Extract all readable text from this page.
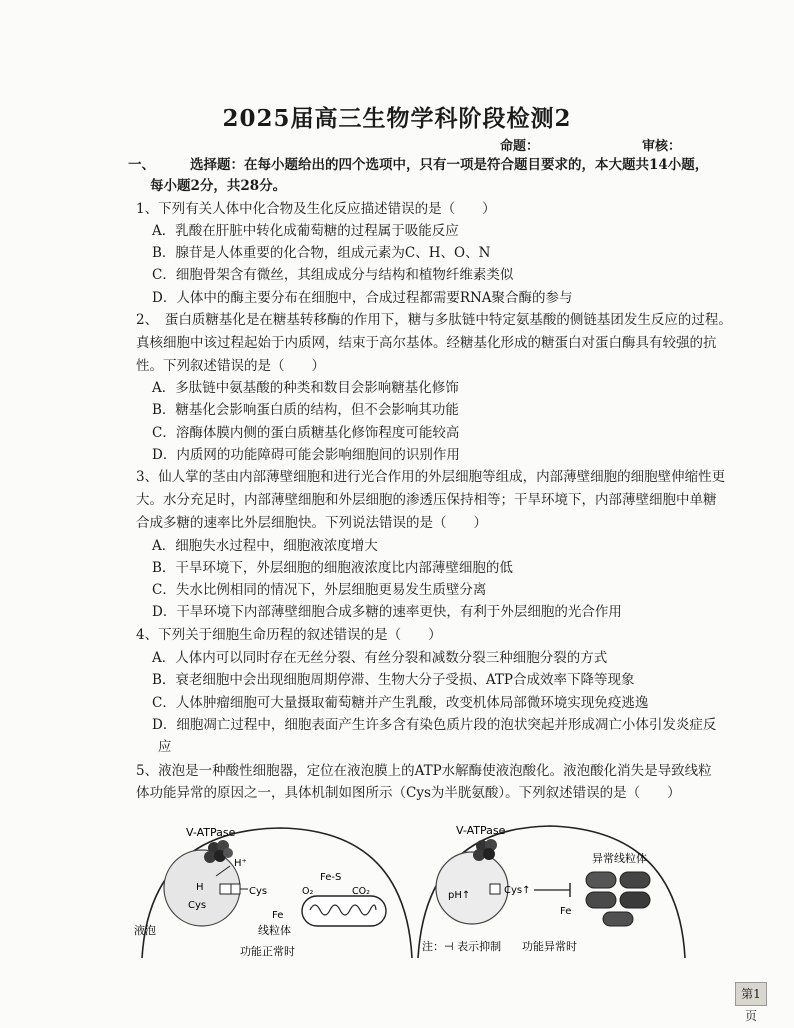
2025届高三生物学科阶段检测2
命题：	审核：
一、	选择题：在每小题给出的四个选项中，只有一项是符合题目要求的，本大题共14小题，
每小题2分，共28分。
1、下列有关人体中化合物及生化反应描述错误的是（　　）
A．乳酸在肝脏中转化成葡萄糖的过程属于吸能反应
B．腺苷是人体重要的化合物，组成元素为C、H、O、N
C．细胞骨架含有微丝，其组成成分与结构和植物纤维素类似
D．人体中的酶主要分布在细胞中，合成过程都需要RNA聚合酶的参与
2、　蛋白质糖基化是在糖基转移酶的作用下，糖与多肽链中特定氨基酸的侧链基团发生反应的过程。
真核细胞中该过程起始于内质网，结束于高尔基体。经糖基化形成的糖蛋白对蛋白酶具有较强的抗
性。下列叙述错误的是（　　）
A．多肽链中氨基酸的种类和数目会影响糖基化修饰
B．糖基化会影响蛋白质的结构，但不会影响其功能
C．溶酶体膜内侧的蛋白质糖基化修饰程度可能较高
D．内质网的功能障碍可能会影响细胞间的识别作用
3、仙人掌的茎由内部薄壁细胞和进行光合作用的外层细胞等组成，内部薄壁细胞的细胞壁伸缩性更
大。水分充足时，内部薄壁细胞和外层细胞的渗透压保持相等；干旱环境下，内部薄壁细胞中单糖
合成多糖的速率比外层细胞快。下列说法错误的是（　　）
A．细胞失水过程中，细胞液浓度增大
B．干旱环境下，外层细胞的细胞液浓度比内部薄壁细胞的低
C．失水比例相同的情况下，外层细胞更易发生质壁分离
D．干旱环境下内部薄壁细胞合成多糖的速率更快，有利于外层细胞的光合作用
4、下列关于细胞生命历程的叙述错误的是（　　）
A．人体内可以同时存在无丝分裂、有丝分裂和减数分裂三种细胞分裂的方式
B．衰老细胞中会出现细胞周期停滞、生物大分子受损、ATP合成效率下降等现象
C．人体肿瘤细胞可大量摄取葡萄糖并产生乳酸，改变机体局部微环境实现免疫逃逸
D．细胞凋亡过程中，细胞表面产生许多含有染色质片段的泡状突起并形成凋亡小体引发炎症反
应
5、液泡是一种酸性细胞器，定位在液泡膜上的ATP水解酶使液泡酸化。液泡酸化消失是导致线粒
体功能异常的原因之一，具体机制如图所示（Cys为半胱氨酸）。下列叙述错误的是（　　）
V-ATPase
H⁺
H
Cys
Cys
Fe
Fe-S
O₂	CO₂
液泡	线粒体
功能正常时
V-ATPase
pH↑	Cys↑
Fe
异常线粒体
注：⊣ 表示抑制 功能异常时
第1页
